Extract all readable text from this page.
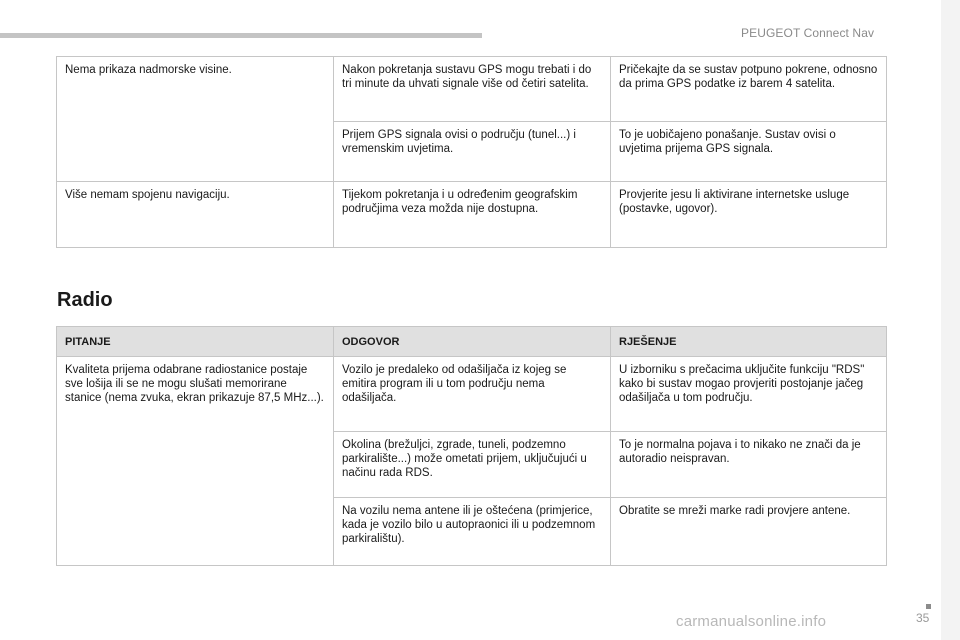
PEUGEOT Connect Nav
Nema prikaza nadmorske visine.	Nakon pokretanja sustavu GPS mogu trebati i do tri minute da uhvati signale više od četiri satelita.	Pričekajte da se sustav potpuno pokrene, odnosno da prima GPS podatke iz barem 4 satelita.
	Prijem GPS signala ovisi o području (tunel...) i vremenskim uvjetima.	To je uobičajeno ponašanje. Sustav ovisi o uvjetima prijema GPS signala.
Više nemam spojenu navigaciju.	Tijekom pokretanja i u određenim geografskim područjima veza možda nije dostupna.	Provjerite jesu li aktivirane internetske usluge (postavke, ugovor).
Radio
PITANJE	ODGOVOR	RJEŠENJE
Kvaliteta prijema odabrane radiostanice postaje sve lošija ili se ne mogu slušati memorirane stanice (nema zvuka, ekran prikazuje 87,5 MHz...).	Vozilo je predaleko od odašiljača iz kojeg se emitira program ili u tom području nema odašiljača.	U izborniku s prečacima uključite funkciju "RDS" kako bi sustav mogao provjeriti postojanje jačeg odašiljača u tom području.
	Okolina (brežuljci, zgrade, tuneli, podzemno parkiralište...) može ometati prijem, uključujući u načinu rada RDS.	To je normalna pojava i to nikako ne znači da je autoradio neispravan.
	Na vozilu nema antene ili je oštećena (primjerice, kada je vozilo bilo u autopraonici ili u podzemnom parkiralištu).	Obratite se mreži marke radi provjere antene.
35
carmanualsonline.info
